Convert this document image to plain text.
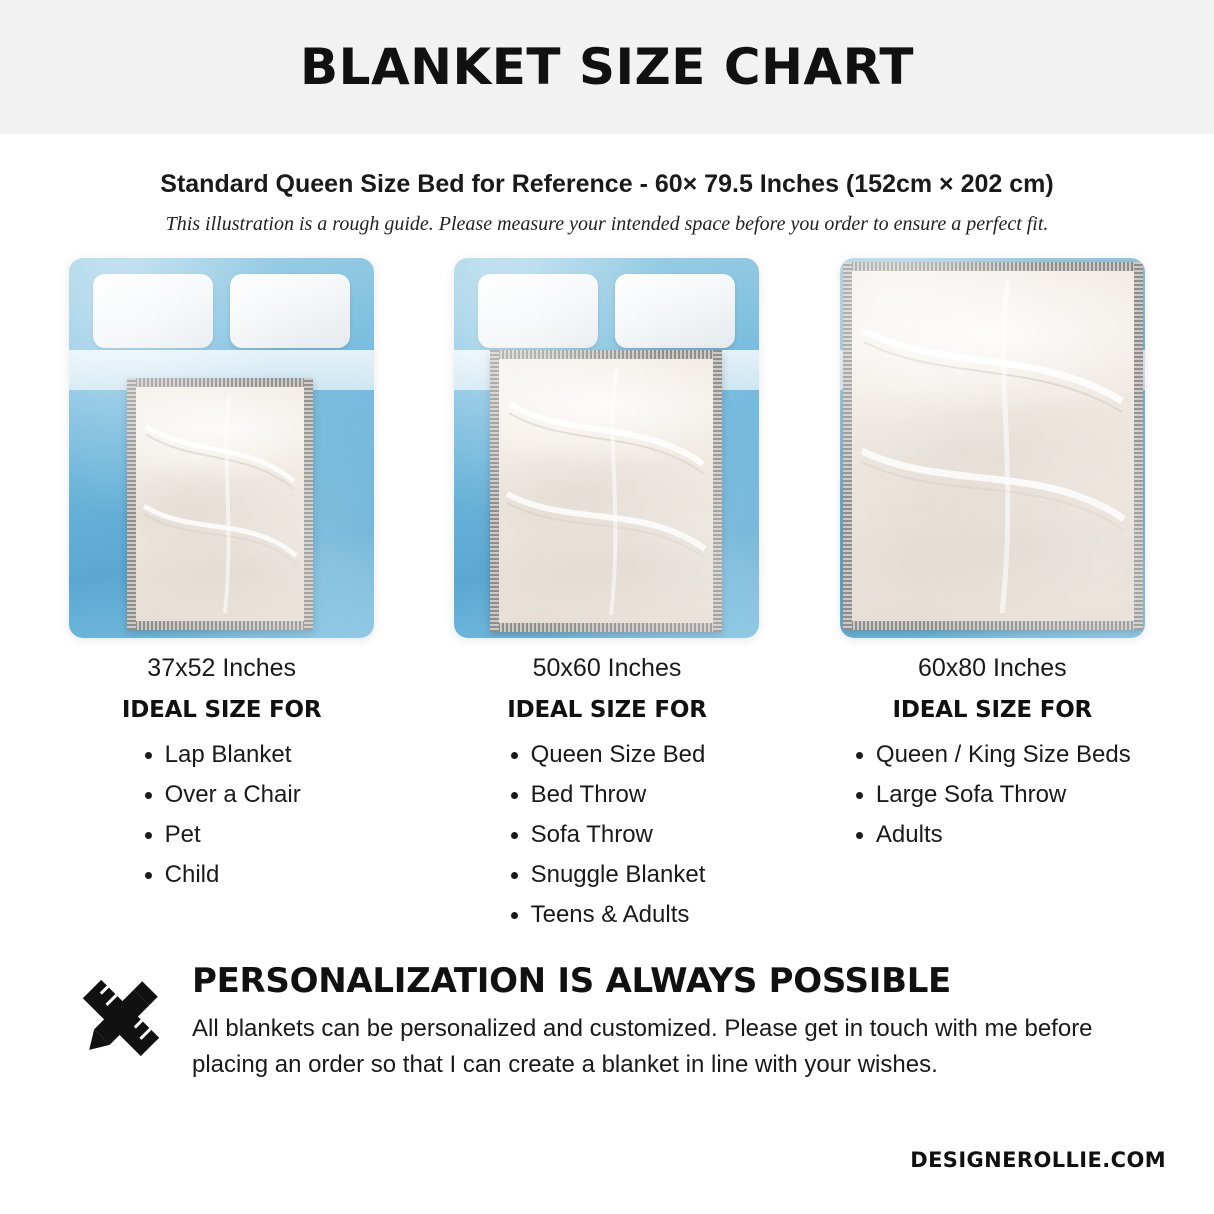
BLANKET SIZE CHART
Standard Queen Size Bed for Reference - 60× 79.5 Inches (152cm × 202 cm)
This illustration is a rough guide. Please measure your intended space before you order to ensure a perfect fit.
37x52 Inches
IDEAL SIZE FOR
Lap Blanket
Over a Chair
Pet
Child
50x60 Inches
IDEAL SIZE FOR
Queen Size Bed
Bed Throw
Sofa Throw
Snuggle Blanket
Teens & Adults
60x80 Inches
IDEAL SIZE FOR
Queen / King Size Beds
Large Sofa Throw
Adults
PERSONALIZATION IS ALWAYS POSSIBLE
All blankets can be personalized and customized. Please get in touch with me before placing an order so that I can create a blanket in line with your wishes.
DESIGNEROLLIE.COM
